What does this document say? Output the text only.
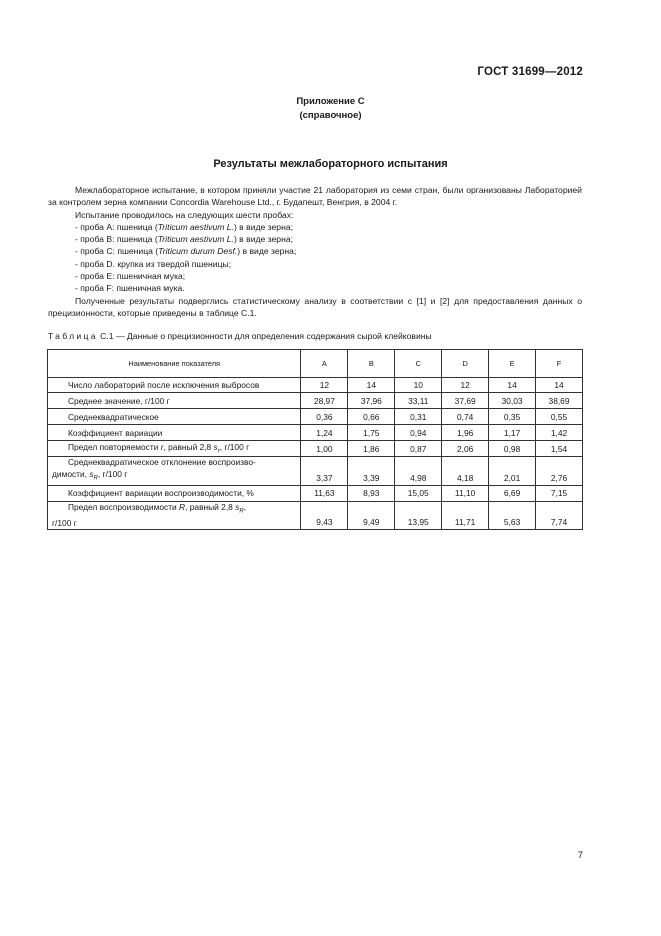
ГОСТ 31699—2012
Приложение С
(справочное)
Результаты межлабораторного испытания

Межлабораторное испытание, в котором приняли участие 21 лаборатория из семи стран, были организованы Лабораторией за контролем зерна компании Concordia Warehouse Ltd., г. Будапешт, Венгрия, в 2004 г.

Испытание проводилось на следующих шести пробах:

- проба А: пшеница (Triticum aestivum L.) в виде зерна;

- проба В: пшеница (Triticum aestivum L.) в виде зерна;

- проба С: пшеница (Triticum durum Desf.) в виде зерна;

- проба D. крупка из твердой пшеницы;

- проба Е: пшеничная мука;

- проба F: пшеничная мука.

Полученные результаты подверглись статистическому анализу в соответствии с [1] и [2] для предоставления данных о прецизионности, которые приведены в таблице С.1.

Таблица С.1 — Данные о прецизионности для определения содержания сырой клейковины
Наименование показателя	A	B	C	D	E	F
Число лабораторий после исключения выбросов	12	14	10	12	14	14
Среднее значение, г/100 г	28,97	37,96	33,11	37,69	30,03	38,69
Среднеквадратическое	0,36	0,66	0,31	0,74	0,35	0,55
Коэффициент вариации	1,24	1,75	0,94	1,96	1,17	1,42
Предел повторяемости r, равный 2,8 $s_r$, г/100 г	1,00	1,86	0,87	2,06	0,98	1,54

Среднеквадратическое отклонение воспроизво-
димости, $s_R$, г/100 г	3,37	3,39	4,98	4,18	2,01	2,76
Коэффициент вариации воспроизводимости, %	11,63	8,93	15,05	11,10	6,69	7,15

Предел воспроизводимости R, равный 2,8 $s_R$,
г/100 г	9,43	9,49	13,95	11,71	5,63	7,74
7
